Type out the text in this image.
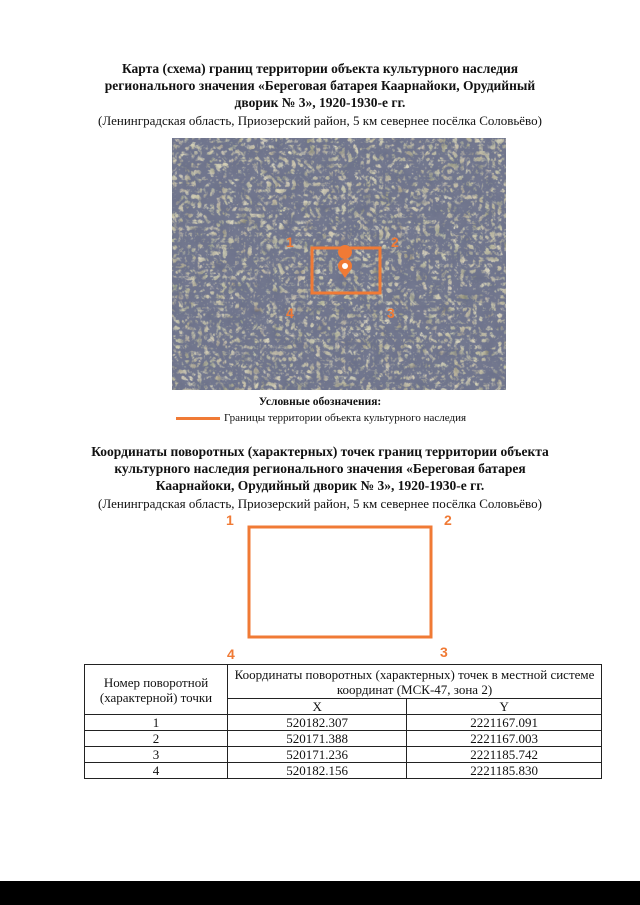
Карта (схема) границ территории объекта культурного наследия
регионального значения «Береговая батарея Каарнайоки, Орудийный
дворик № 3», 1920-1930-е гг.
(Ленинградская область, Приозерский район, 5 км севернее посёлка Соловьёво)
1	2
3
4
Условные обозначения:
Границы территории объекта культурного наследия
Координаты поворотных (характерных) точек границ территории объекта
культурного наследия регионального значения «Береговая батарея
Каарнайоки, Орудийный дворик № 3», 1920-1930-е гг.
(Ленинградская область, Приозерский район, 5 км севернее посёлка Соловьёво)
1	2
3
4
Номер поворотной (характерной) точки	Координаты поворотных (характерных) точек в местной системе координат (МСК-47, зона 2)	
	X	Y
1	520182.307	2221167.091
2	520171.388	2221167.003
3	520171.236	2221185.742
4	520182.156	2221185.830
